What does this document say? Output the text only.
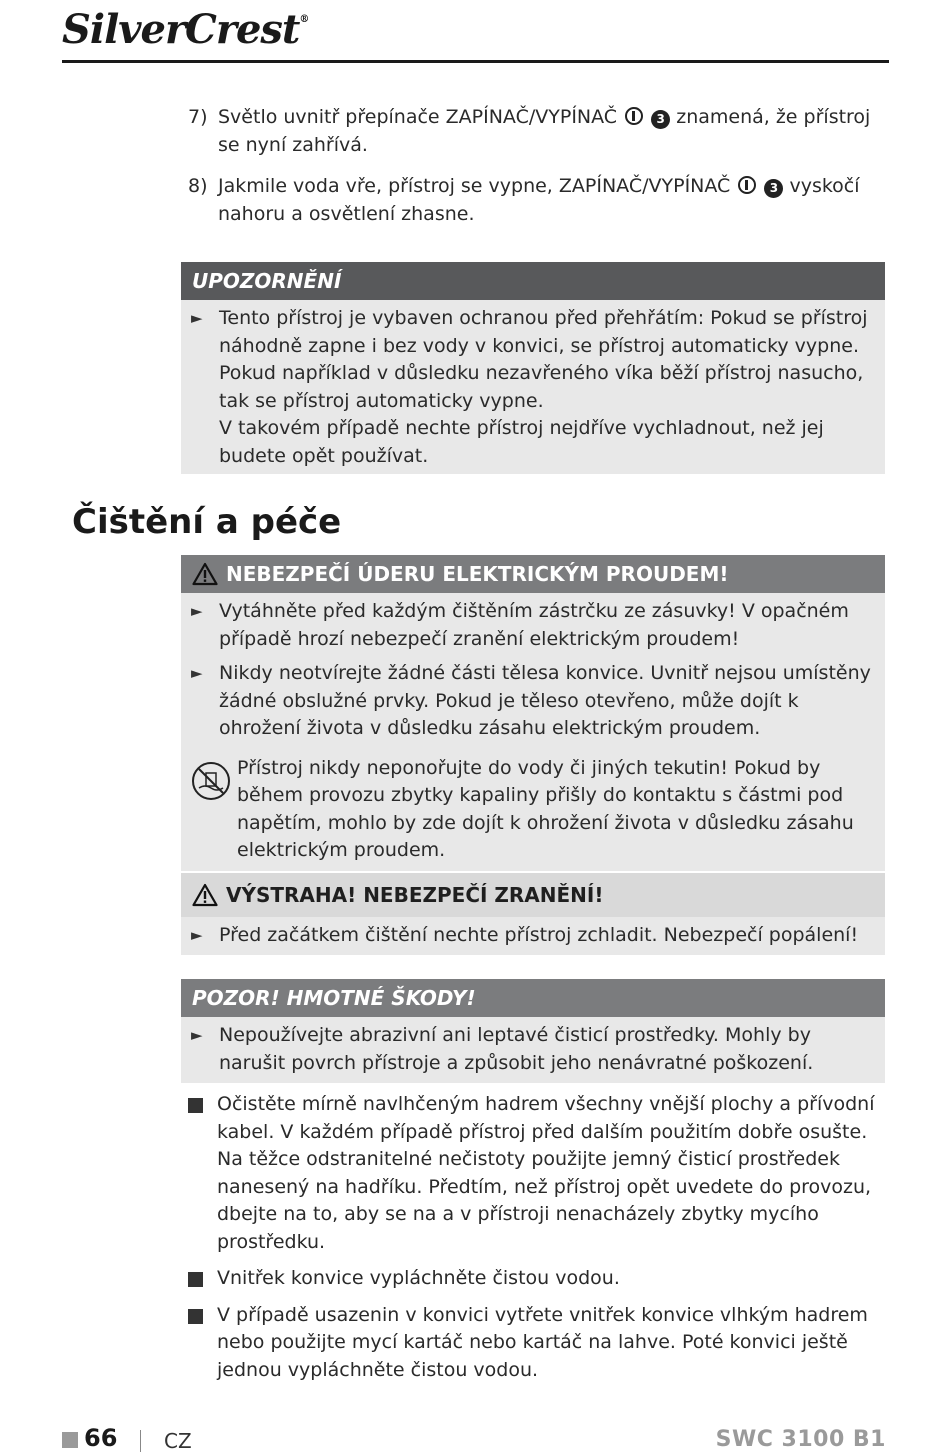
SilverCrest®
7) Světlo uvnitř přepínače ZAPÍNAČ/VYPÍNAČ	3 znamená, že přístroj se nyní zahřívá.
8) Jakmile voda vře, přístroj se vypne, ZAPÍNAČ/VYPÍNAČ	3 vyskočí nahoru a osvětlení zhasne.
UPOZORNĚNÍ
► Tento přístroj je vybaven ochranou před přehřátím: Pokud se přístroj náhodně zapne i bez vody v konvici, se přístroj automaticky vypne.
Pokud například v důsledku nezavřeného víka běží přístroj nasucho, tak se přístroj automaticky vypne.
V takovém případě nechte přístroj nejdříve vychladnout, než jej budete opět používat.
Čištění a péče
NEBEZPEČÍ ÚDERU ELEKTRICKÝM PROUDEM!
► Vytáhněte před každým čištěním zástrčku ze zásuvky! V opačném případě hrozí nebezpečí zranění elektrickým proudem!
► Nikdy neotvírejte žádné části tělesa konvice. Uvnitř nejsou umístěny žádné obslužné prvky. Pokud je těleso otevřeno, může dojít k ohrožení života v důsledku zásahu elektrickým proudem.
Přístroj nikdy neponořujte do vody či jiných tekutin! Pokud by během provozu zbytky kapaliny přišly do kontaktu s částmi pod napětím, mohlo by zde dojít k ohrožení života v důsledku zásahu elektrickým proudem.
VÝSTRAHA! NEBEZPEČÍ ZRANĚNÍ!
► Před začátkem čištění nechte přístroj zchladit. Nebezpečí popálení!
POZOR! HMOTNÉ ŠKODY!
► Nepoužívejte abrazivní ani leptavé čisticí prostředky. Mohly by narušit povrch přístroje a způsobit jeho nenávratné poškození.
Očistěte mírně navlhčeným hadrem všechny vnější plochy a přívodní kabel. V každém případě přístroj před dalším použitím dobře osušte. Na těžce odstranitelné nečistoty použijte jemný čisticí prostředek nanesený na hadříku. Předtím, než přístroj opět uvedete do provozu, dbejte na to, aby se na a v přístroji nenacházely zbytky mycího prostředku.
Vnitřek konvice vypláchněte čistou vodou.
V případě usazenin v konvici vytřete vnitřek konvice vlhkým hadrem nebo použijte mycí kartáč nebo kartáč na lahve. Poté konvici ještě jednou vypláchněte čistou vodou.
66 CZ	SWC 3100 B1
